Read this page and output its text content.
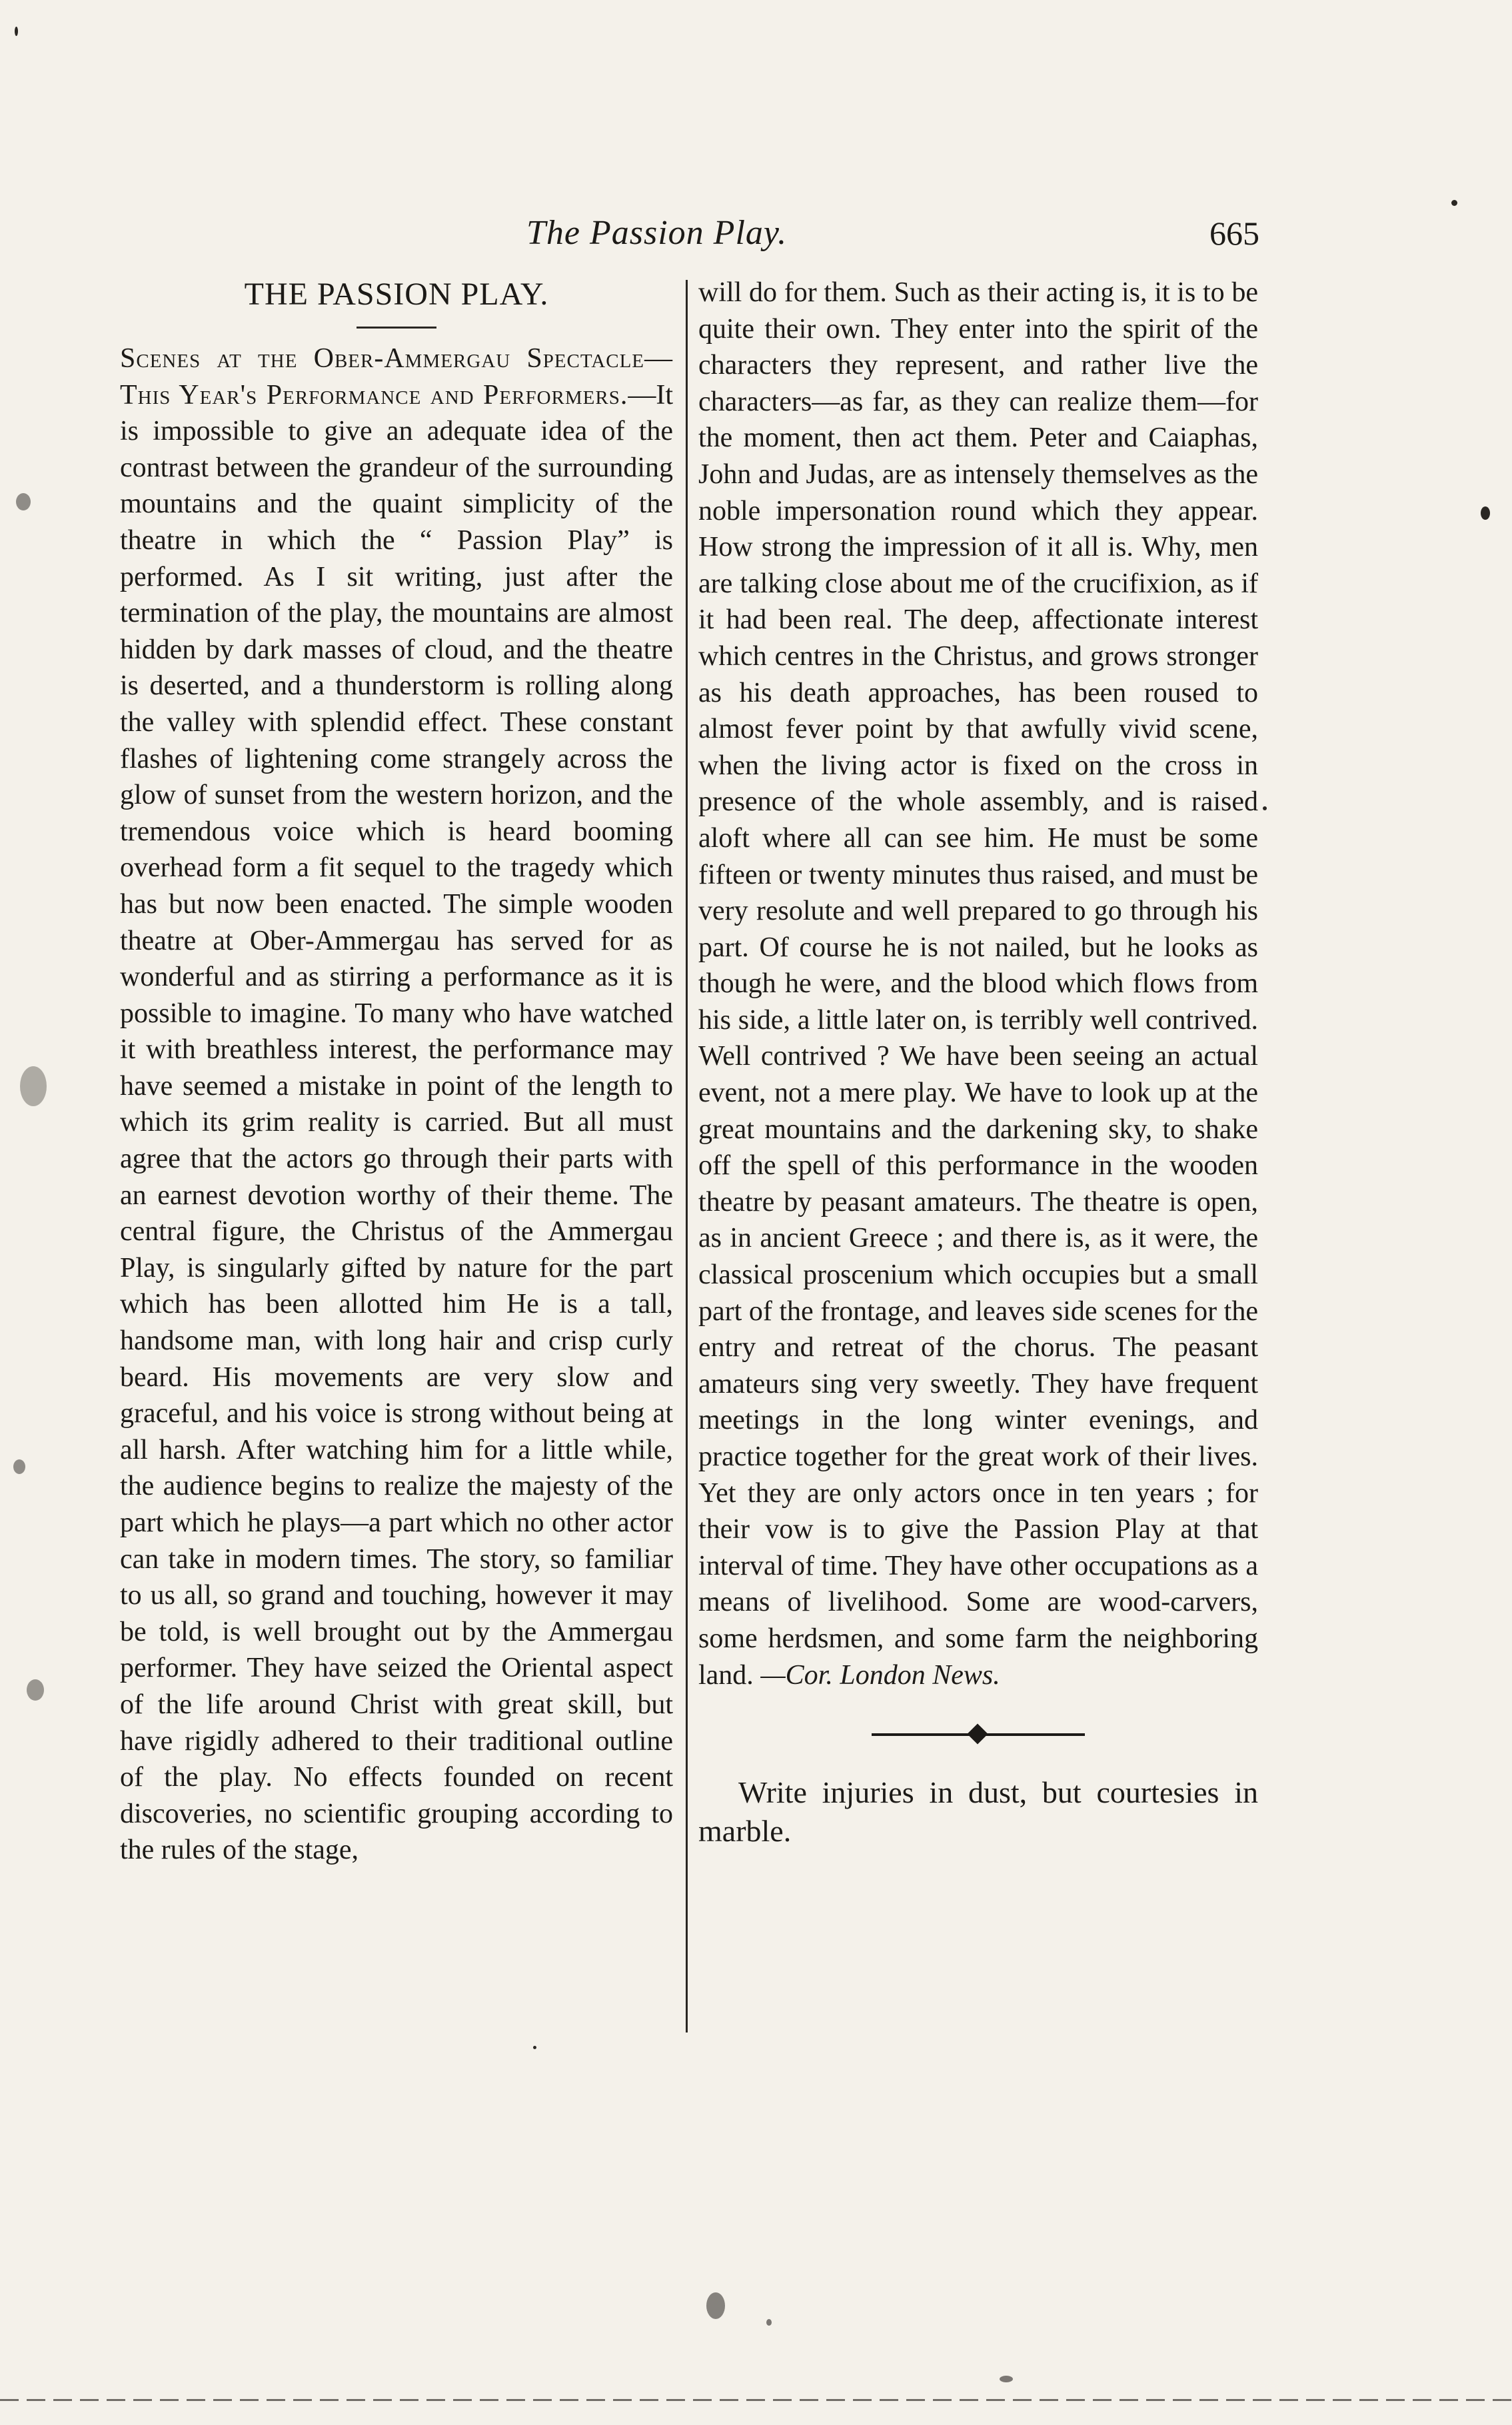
The Passion Play.	665
THE PASSION PLAY.

Scenes at the Ober-Ammergau Spectacle—This Year's Performance and Performers.—It is impossible to give an adequate idea of the contrast between the grandeur of the surrounding mountains and the quaint simplicity of the theatre in which the “ Passion Play” is performed. As I sit writing, just after the termination of the play, the mountains are almost hidden by dark masses of cloud, and the theatre is deserted, and a thunderstorm is rolling along the valley with splendid effect. These constant flashes of lightening come strangely across the glow of sunset from the western horizon, and the tremendous voice which is heard booming overhead form a fit sequel to the tragedy which has but now been enacted. The simple wooden theatre at Ober-Ammergau has served for as wonderful and as stirring a performance as it is possible to imagine. To many who have watched it with breathless interest, the performance may have seemed a mistake in point of the length to which its grim reality is carried. But all must agree that the actors go through their parts with an earnest devotion worthy of their theme. The central figure, the Christus of the Ammergau Play, is singularly gifted by nature for the part which has been allotted him He is a tall, handsome man, with long hair and crisp curly beard. His movements are very slow and graceful, and his voice is strong without being at all harsh. After watching him for a little while, the audience begins to realize the majesty of the part which he plays—a part which no other actor can take in modern times. The story, so familiar to us all, so grand and touching, however it may be told, is well brought out by the Ammergau performer. They have seized the Oriental aspect of the life around Christ with great skill, but have rigidly adhered to their traditional outline of the play. No effects founded on recent discoveries, no scientific grouping according to the rules of the stage,

will do for them. Such as their acting is, it is to be quite their own. They enter into the spirit of the characters they represent, and rather live the characters—as far, as they can realize them—for the moment, then act them. Peter and Caiaphas, John and Judas, are as intensely themselves as the noble impersonation round which they appear. How strong the impression of it all is. Why, men are talking close about me of the crucifixion, as if it had been real. The deep, affectionate interest which centres in the Christus, and grows stronger as his death approaches, has been roused to almost fever point by that awfully vivid scene, when the living actor is fixed on the cross in presence of the whole assembly, and is raised aloft where all can see him. He must be some fifteen or twenty minutes thus raised, and must be very resolute and well prepared to go through his part. Of course he is not nailed, but he looks as though he were, and the blood which flows from his side, a little later on, is terribly well contrived. Well contrived ? We have been seeing an actual event, not a mere play. We have to look up at the great mountains and the darkening sky, to shake off the spell of this performance in the wooden theatre by peasant amateurs. The theatre is open, as in ancient Greece ; and there is, as it were, the classical proscenium which occupies but a small part of the frontage, and leaves side scenes for the entry and retreat of the chorus. The peasant amateurs sing very sweetly. They have frequent meetings in the long winter evenings, and practice together for the great work of their lives. Yet they are only actors once in ten years ; for their vow is to give the Passion Play at that interval of time. They have other occupations as a means of livelihood. Some are wood-carvers, some herdsmen, and some farm the neighboring land. —Cor. London News.

Write injuries in dust, but courtesies in marble.
